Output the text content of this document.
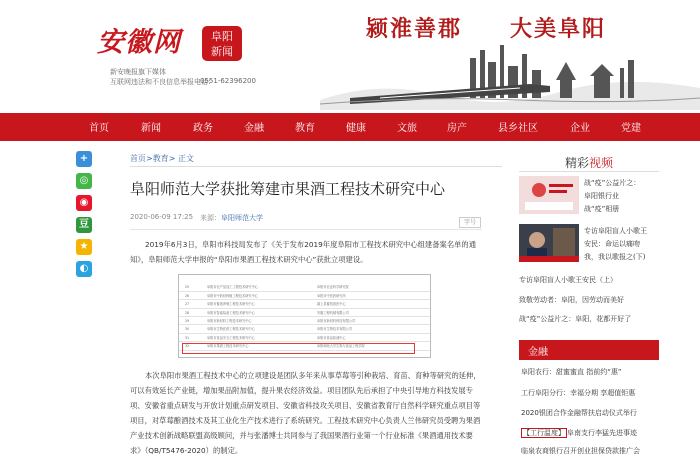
安徽网	阜阳
新闻
新安晚报旗下媒体
互联网违法和不良信息举报电话：
0551-62396200
颍淮善郡 大美阜阳
首页	新闻	政务	金融	教育	健康	文旅	房产	县乡社区	企业	党建
+
◎
◉
豆
★
◐
首页>教育> 正文
阜阳师范大学获批筹建市果酒工程技术研究中心
2020-06-09 17:25 来源：阜阳师范大学
字号

2019年6月3日，阜阳市科技局发布了《关于发布2019年度阜阳市工程技术研究中心组建备案名单的通知》，阜阳师范大学申报的“阜阳市果酒工程技术研究中心”获批立项建设。

25	阜阳市农产品加工工程技术研究中心	阜阳市农业科学研究院
26	阜阳市中药材种植工程技术研究中心	阜阳市中医药研究所
27	阜阳市畜禽养殖工程技术研究中心	颍上县畜牧兽医中心
28	阜阳市智能装备工程技术研究中心	安徽工程机械有限公司
29	阜阳市新材料工程技术研究中心	阜阳市新材料科技有限公司
30	阜阳市生物医药工程技术研究中心	阜阳市生物技术有限公司
31	阜阳市食品安全工程技术研究中心	阜阳市食品检测中心
32	阜阳市果酒工程技术研究中心	阜阳师范大学生物与食品工程学院

本次阜阳市果酒工程技术中心的立项建设是团队多年来从事草莓等引种栽培、育苗、育种等研究的延伸，可以有效延长产业链，增加果品附加值，提升果农经济效益。项目团队先后承担了中央引导地方科技发展专项、安徽省重点研发与开放计划重点研发项目、安徽省科技攻关项目、安徽省教育厅自然科学研究重点项目等项目，对草莓酿酒技术及其工业化生产技术进行了系统研究。工程技术研究中心负责人兰伟研究员受聘为果酒产业技术创新战略联盟高级顾问，并与张潘博士共同参与了我国果酒行业第一个行业标准《果酒通用技术要求》（QB/T5476-2020）的制定。

精彩视频
战“疫”公益片之：
阜阳银行业
战“疫”相册
专访阜阳盲人小歌王
安民：命运以痛吻
我，我以歌报之(下)
专访阜阳盲人小歌王安民（上）
致敬劳动者：阜阳，因劳动而美好
战“疫”公益片之：阜阳，花都开好了
金融
阜阳农行：甜蜜蜜直 指前约“惠”
工行阜阳分行：幸福分期 享超值钜惠
2020银团合作金融帮扶启动仪式举行
【工行温度】 阜南支行李猛先进事迹
临泉农商银行召开创业担保贷款推广会
